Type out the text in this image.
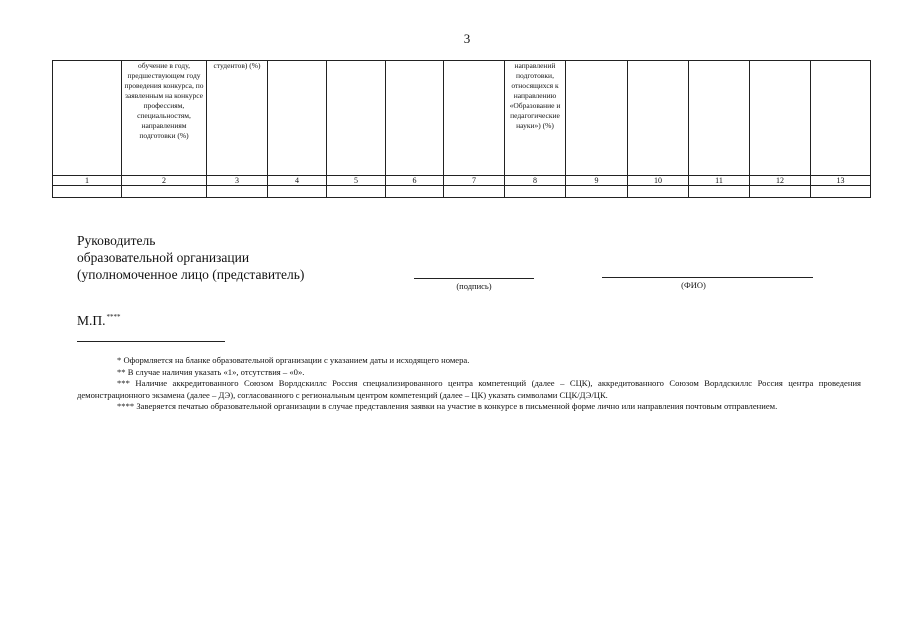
3
	обучение в году, предшествующем году проведения конкурса, по заявленным на конкурсе профессиям, специальностям, направлениям подготовки (%)	студентов) (%)					направлений подготовки, относящихся к направлению «Образование и педагогические науки») (%)					
1	2	3	4	5	6	7	8	9	10	11	12	13

Руководитель
образовательной организации
(уполномоченное лицо (представитель)
(подпись)	(ФИО)
М.П.****

* Оформляется на бланке образовательной организации с указанием даты и исходящего номера.

** В случае наличия указать «1», отсутствия – «0».

*** Наличие аккредитованного Союзом Ворлдскиллс Россия специализированного центра компетенций (далее – СЦК), аккредитованного Союзом Ворлдскиллс Россия центра проведения демонстрационного экзамена (далее – ДЭ), согласованного с региональным центром компетенций (далее – ЦК) указать символами СЦК/ДЭ/ЦК.

**** Заверяется печатью образовательной организации в случае представления заявки на участие в конкурсе в письменной форме лично или направления почтовым отправлением.
